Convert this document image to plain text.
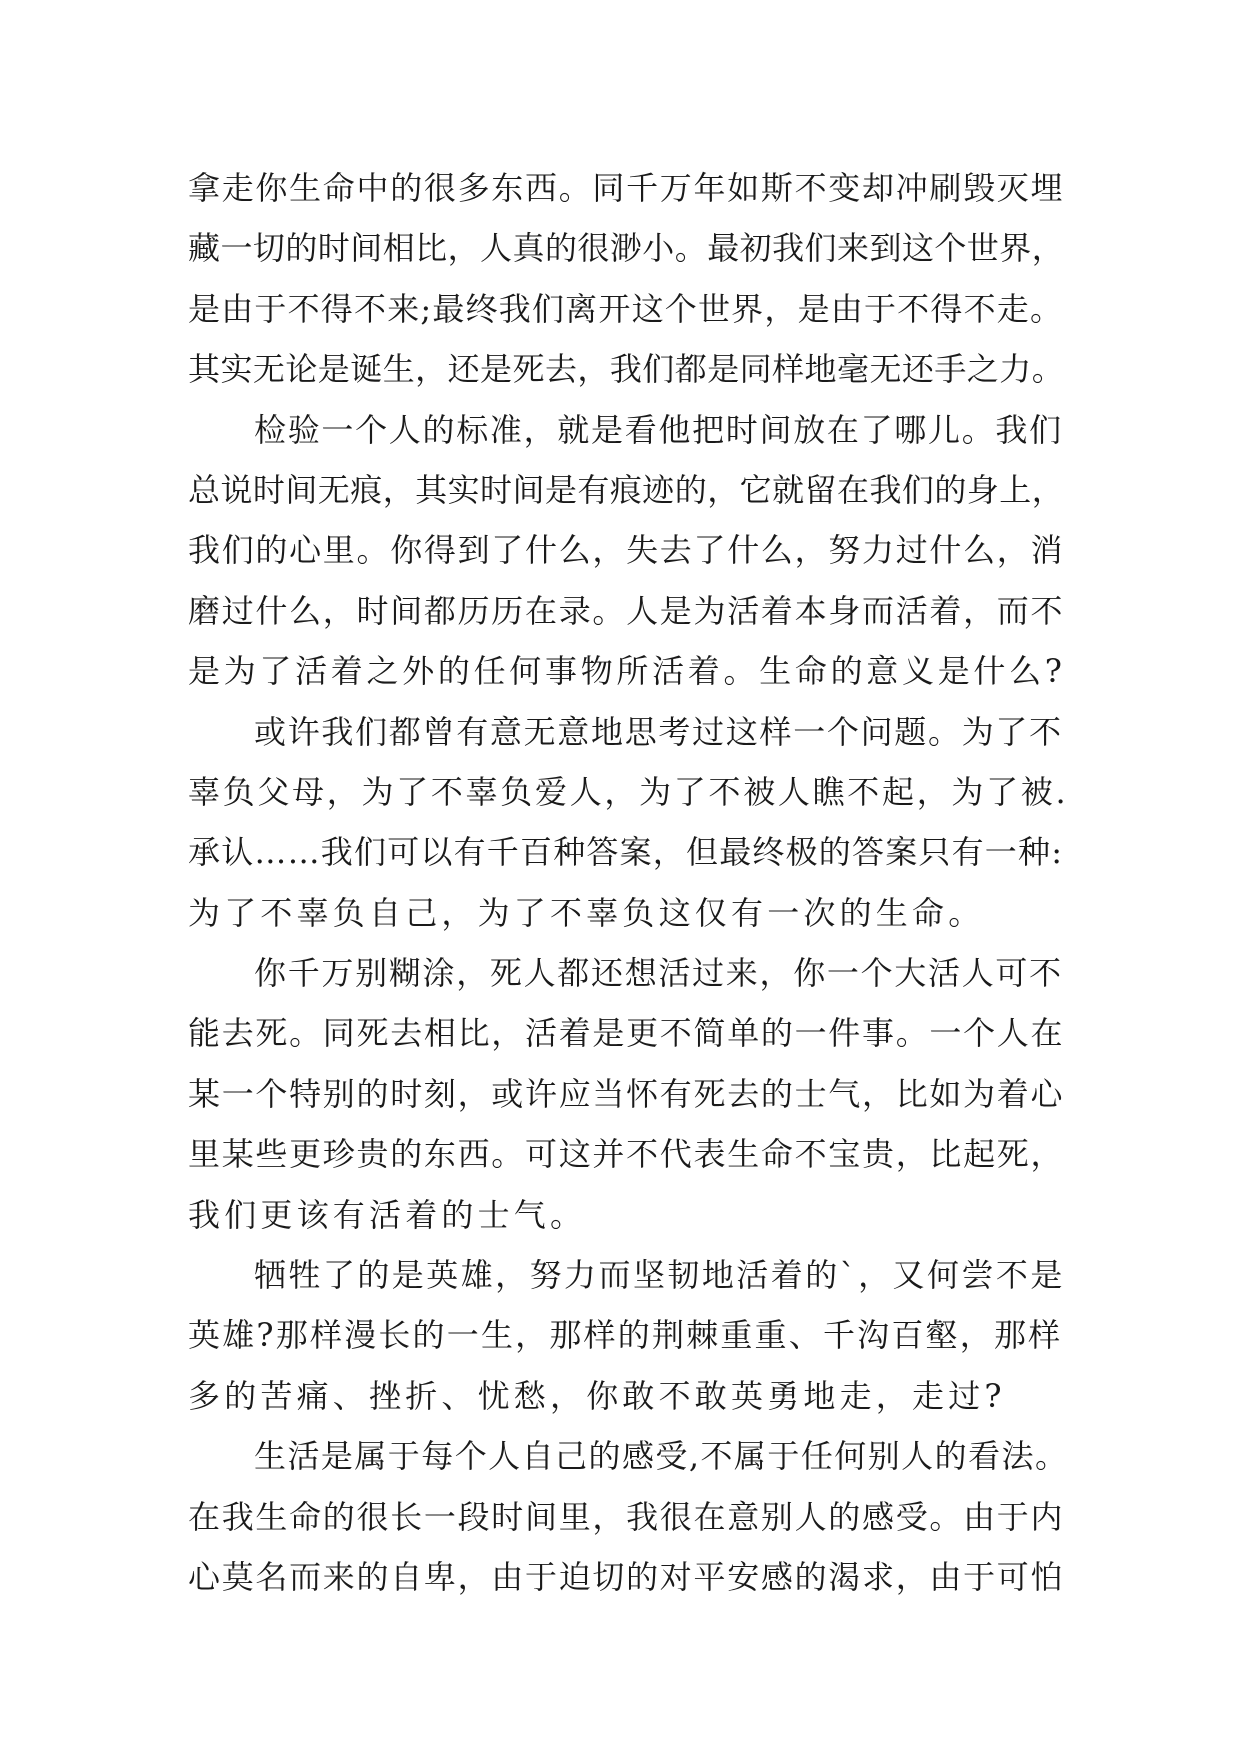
拿走你生命中的很多东西。同千万年如斯不变却冲刷毁灭埋
藏一切的时间相比，人真的很渺小。最初我们来到这个世界，
是由于不得不来;最终我们离开这个世界，是由于不得不走。
其实无论是诞生，还是死去，我们都是同样地毫无还手之力。
检验一个人的标准，就是看他把时间放在了哪儿。我们
总说时间无痕，其实时间是有痕迹的，它就留在我们的身上，
我们的心里。你得到了什么，失去了什么，努力过什么，消
磨过什么，时间都历历在录。人是为活着本身而活着，而不
是为了活着之外的任何事物所活着。生命的意义是什么?
或许我们都曾有意无意地思考过这样一个问题。为了不
辜负父母，为了不辜负爱人，为了不被人瞧不起，为了被.
承认……我们可以有千百种答案，但最终极的答案只有一种:
为了不辜负自己，为了不辜负这仅有一次的生命。
你千万别糊涂，死人都还想活过来，你一个大活人可不
能去死。同死去相比，活着是更不简单的一件事。一个人在
某一个特别的时刻，或许应当怀有死去的士气，比如为着心
里某些更珍贵的东西。可这并不代表生命不宝贵，比起死，
我们更该有活着的士气。
牺牲了的是英雄，努力而坚韧地活着的`，又何尝不是
英雄?那样漫长的一生，那样的荆棘重重、千沟百壑，那样
多的苦痛、挫折、忧愁，你敢不敢英勇地走，走过?
生活是属于每个人自己的感受,不属于任何别人的看法。
在我生命的很长一段时间里，我很在意别人的感受。由于内
心莫名而来的自卑，由于迫切的对平安感的渴求，由于可怕
